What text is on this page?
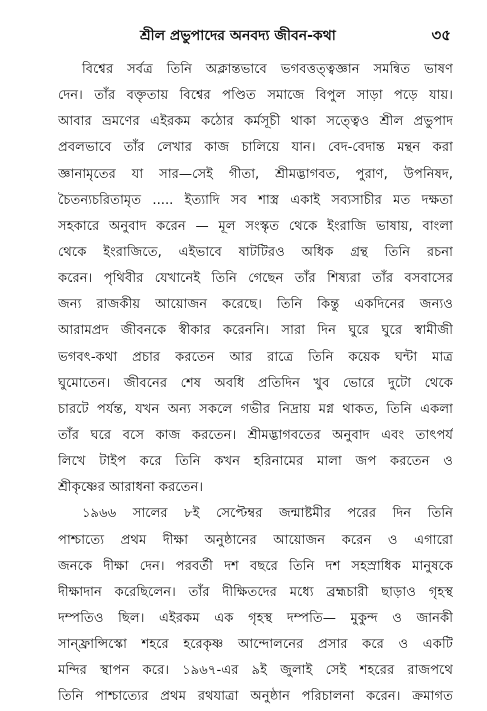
শ্রীল প্রভুপাদের অনবদ্য জীবন-কথা	৩৫
বিশ্বের সর্বত্র তিনি অক্লান্তভাবে ভগবত্তত্ত্বজ্ঞান সমন্বিত ভাষণ
দেন। তাঁর বক্তৃতায় বিশ্বের পণ্ডিত সমাজে বিপুল সাড়া পড়ে যায়।
আবার ভ্রমণের এইরকম কঠোর কর্মসূচী থাকা সত্ত্বেও শ্রীল প্রভুপাদ
প্রবলভাবে তাঁর লেখার কাজ চালিয়ে যান। বেদ-বেদান্ত মন্থন করা
জ্ঞানামৃতের যা সার—সেই গীতা, শ্রীমদ্ভাগবত, পুরাণ, উপনিষদ,
চৈতন্যচরিতামৃত ..... ইত্যাদি সব শাস্ত্র একাই সব্যসাচীর মত দক্ষতা
সহকারে অনুবাদ করেন — মূল সংস্কৃত থেকে ইংরাজি ভাষায়, বাংলা
থেকে ইংরাজিতে, এইভাবে ষাটটিরও অধিক গ্রন্থ তিনি রচনা
করেন। পৃথিবীর যেখানেই তিনি গেছেন তাঁর শিষ্যরা তাঁর বসবাসের
জন্য রাজকীয় আয়োজন করেছে। তিনি কিন্তু একদিনের জন্যও
আরামপ্রদ জীবনকে স্বীকার করেননি। সারা দিন ঘুরে ঘুরে স্বামীজী
ভগবৎ-কথা প্রচার করতেন আর রাত্রে তিনি কয়েক ঘন্টা মাত্র
ঘুমোতেন। জীবনের শেষ অবধি প্রতিদিন খুব ভোরে দুটো থেকে
চারটে পর্যন্ত, যখন অন্য সকলে গভীর নিদ্রায় মগ্ন থাকত, তিনি একলা
তাঁর ঘরে বসে কাজ করতেন। শ্রীমদ্ভাগবতের অনুবাদ এবং তাৎপর্য
লিখে টাইপ করে তিনি কখন হরিনামের মালা জপ করতেন ও
শ্রীকৃষ্ণের আরাধনা করতেন।
১৯৬৬ সালের ৮ই সেপ্টেম্বর জন্মাষ্টমীর পরের দিন তিনি
পাশ্চাত্যে প্রথম দীক্ষা অনুষ্ঠানের আয়োজন করেন ও এগারো
জনকে দীক্ষা দেন। পরবর্তী দশ বছরে তিনি দশ সহস্রাধিক মানুষকে
দীক্ষাদান করেছিলেন। তাঁর দীক্ষিতদের মধ্যে ব্রহ্মচারী ছাড়াও গৃহস্থ
দম্পতিও ছিল। এইরকম এক গৃহস্থ দম্পতি— মুকুন্দ ও জানকী
সান্‌ফ্রান্সিস্কো শহরে হরেকৃষ্ণ আন্দোলনের প্রসার করে ও একটি
মন্দির স্থাপন করে। ১৯৬৭-এর ৯ই জুলাই সেই শহরের রাজপথে
তিনি পাশ্চাত্যের প্রথম রথযাত্রা অনুষ্ঠান পরিচালনা করেন। ক্রমাগত
